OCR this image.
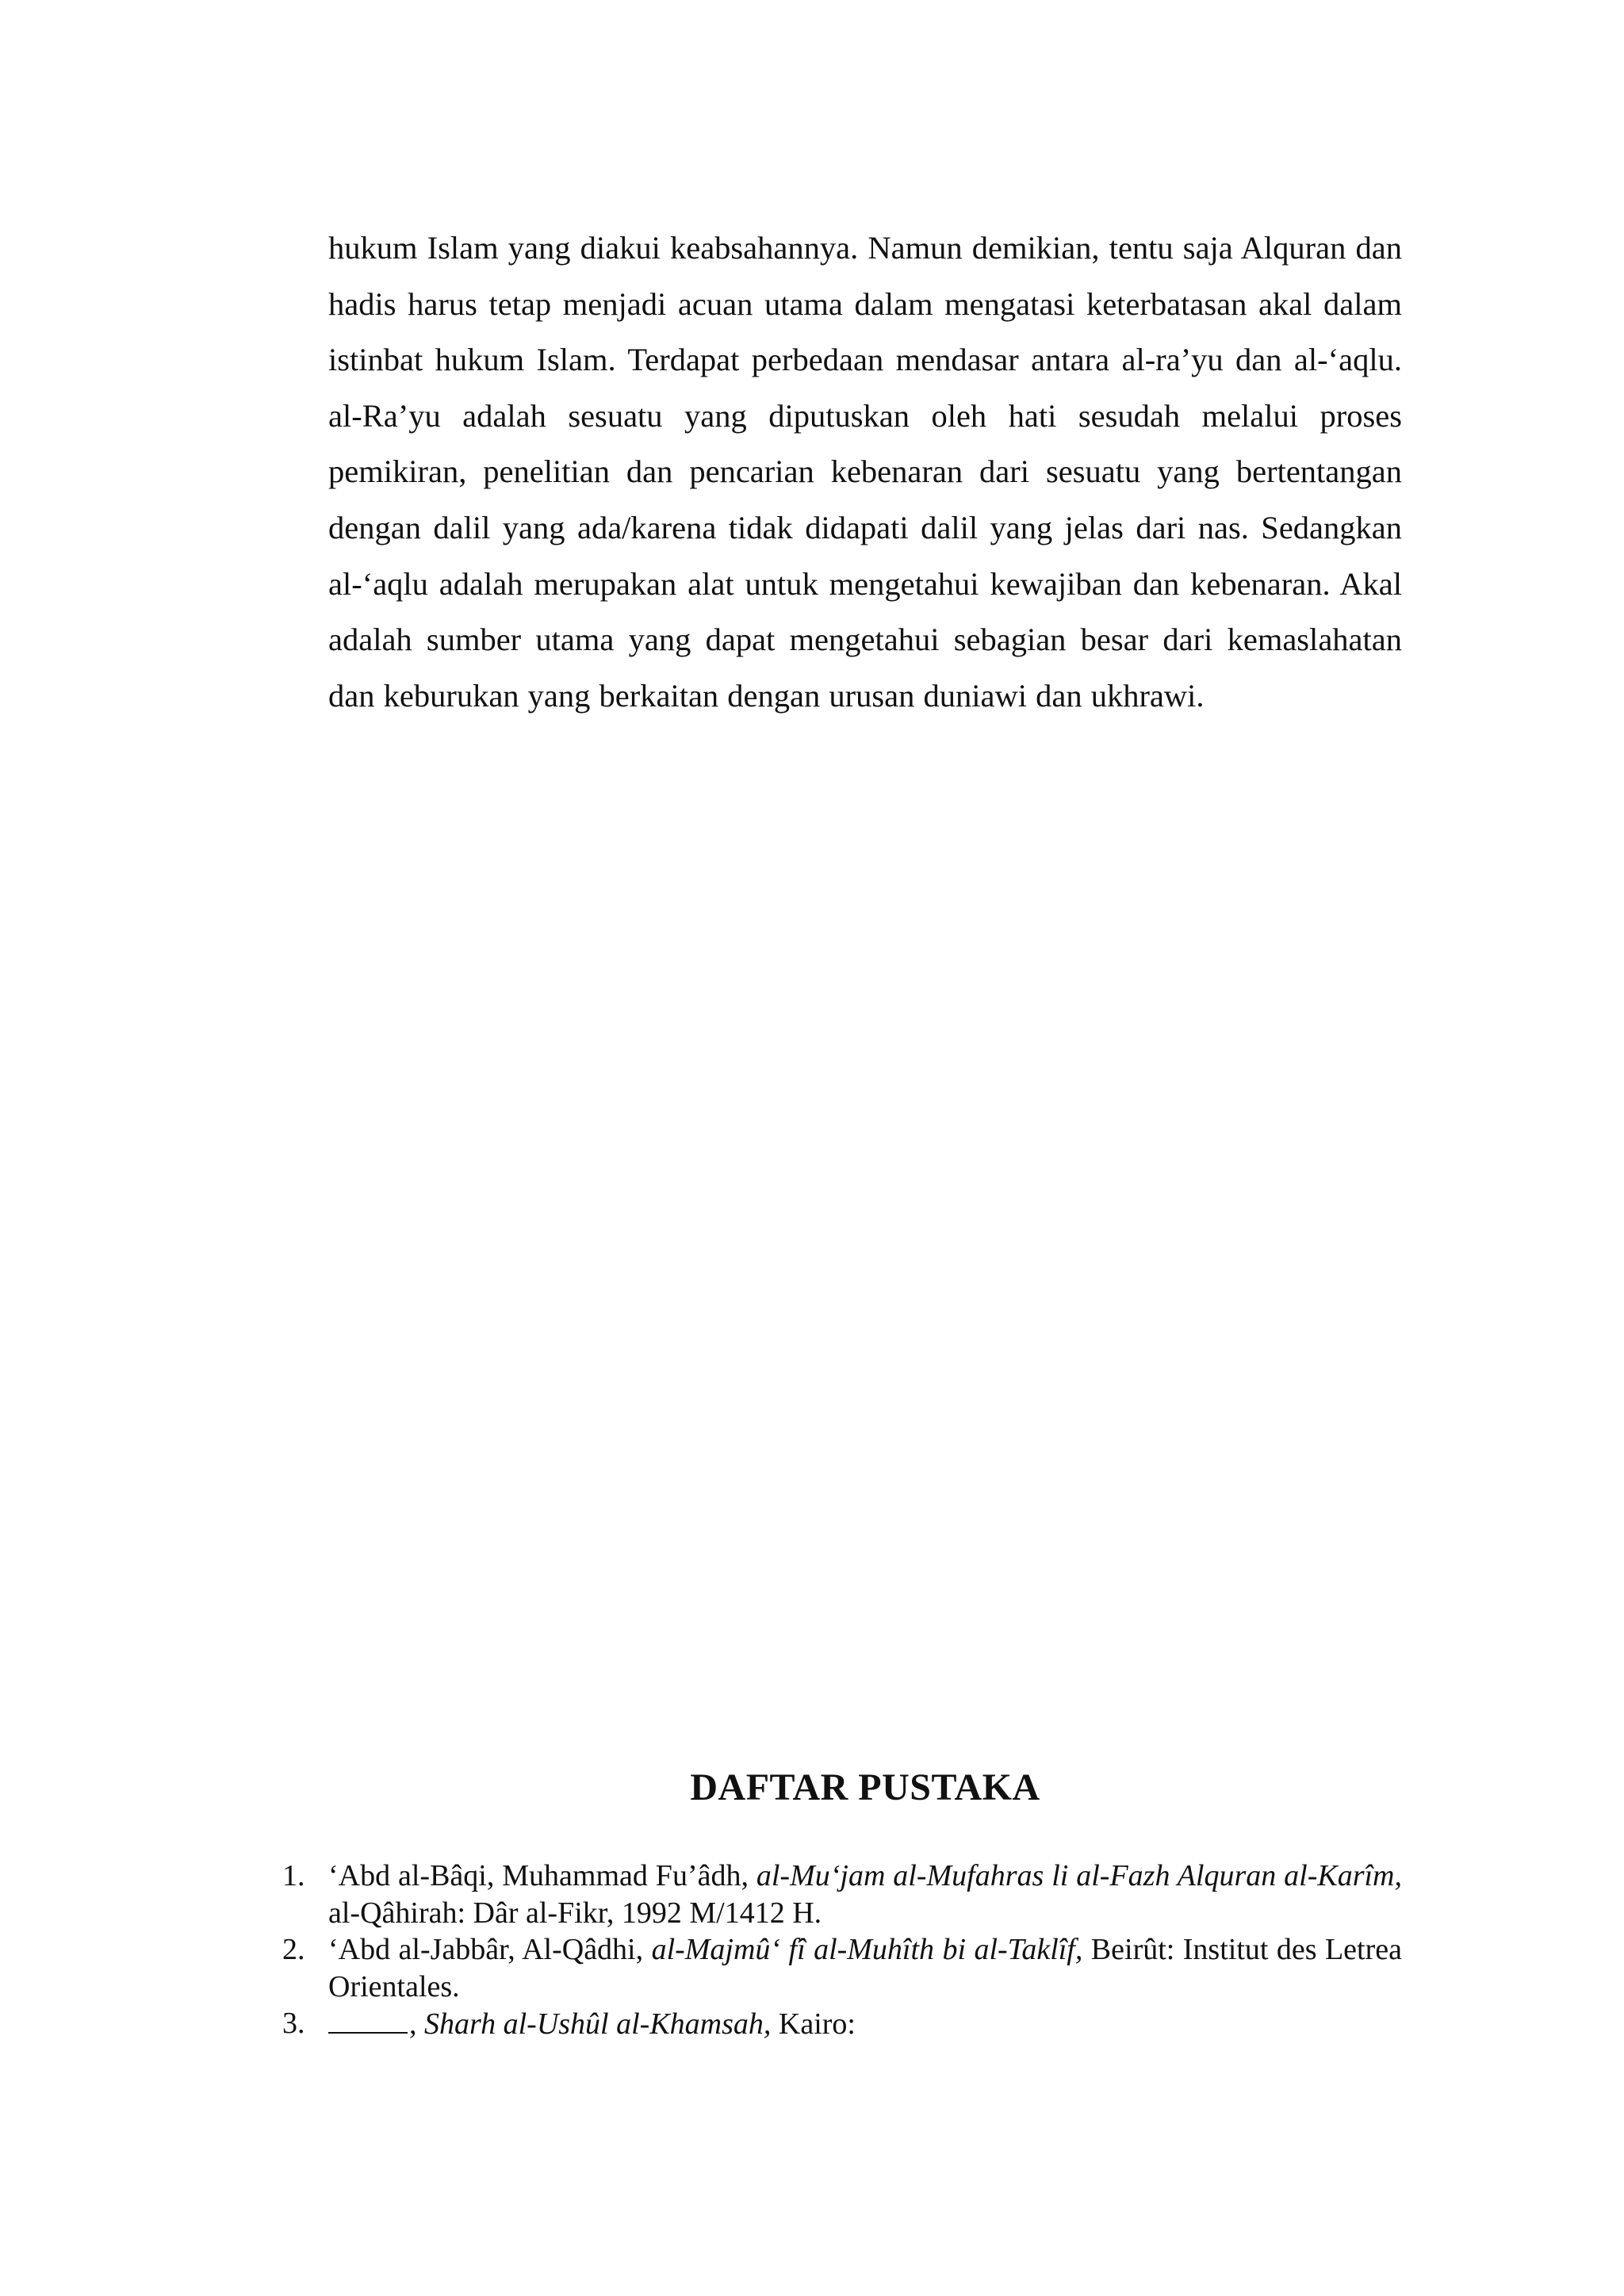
hukum Islam yang diakui keabsahannya. Namun demikian, tentu saja Alquran dan hadis harus tetap menjadi acuan utama dalam mengatasi keterbatasan akal dalam istinbat hukum Islam. Terdapat perbedaan mendasar antara al-ra’yu dan al-‘aqlu. al-Ra’yu adalah sesuatu yang diputuskan oleh hati sesudah melalui proses pemikiran, penelitian dan pencarian kebenaran dari sesuatu yang bertentangan dengan dalil yang ada/karena tidak didapati dalil yang jelas dari nas. Sedangkan al-‘aqlu adalah merupakan alat untuk mengetahui kewajiban dan kebenaran. Akal adalah sumber utama yang dapat mengetahui sebagian besar dari kemaslahatan dan keburukan yang berkaitan dengan urusan duniawi dan ukhrawi.

DAFTAR PUSTAKA
1. ‘Abd al-Bâqi, Muhammad Fu’âdh, al-Mu‘jam al-Mufahras li al-Fazh Alquran al-Karîm, al-Qâhirah: Dâr al-Fikr, 1992 M/1412 H.
2. ‘Abd al-Jabbâr, Al-Qâdhi, al-Majmû‘ fî al-Muhîth bi al-Taklîf, Beirût: Institut des Letrea Orientales.
3.	, Sharh al-Ushûl al-Khamsah, Kairo:
